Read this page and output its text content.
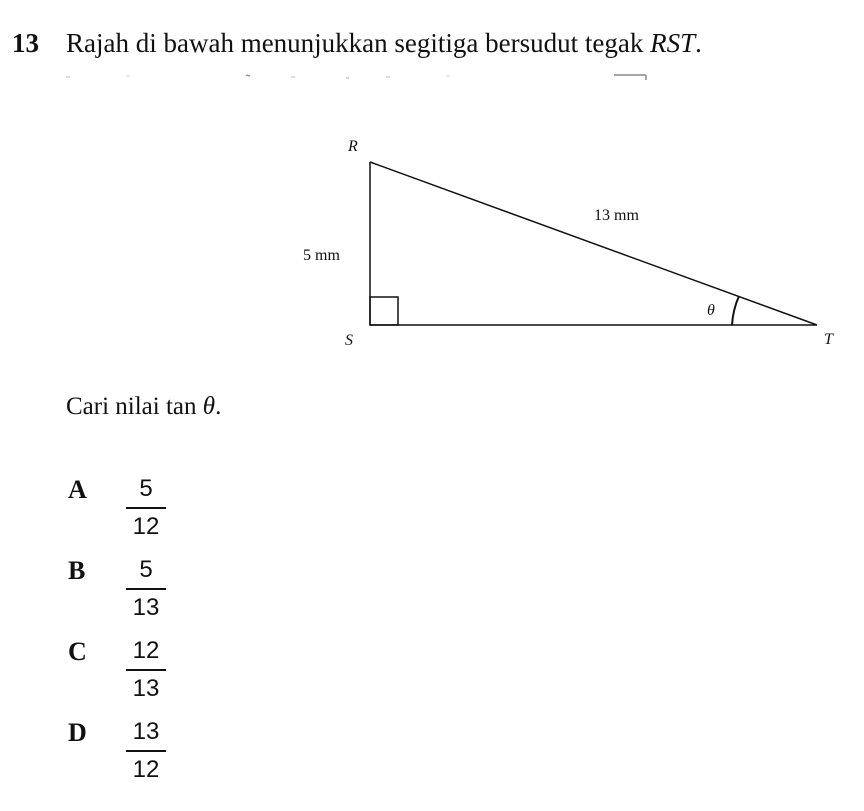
13 Rajah di bawah menunjukkan segitiga bersudut tegak RST.
R
S	T
5 mm
13 mm
θ
Cari nilai tan θ.
A	5
12
B	5
13
C 12
13
D 13
12
